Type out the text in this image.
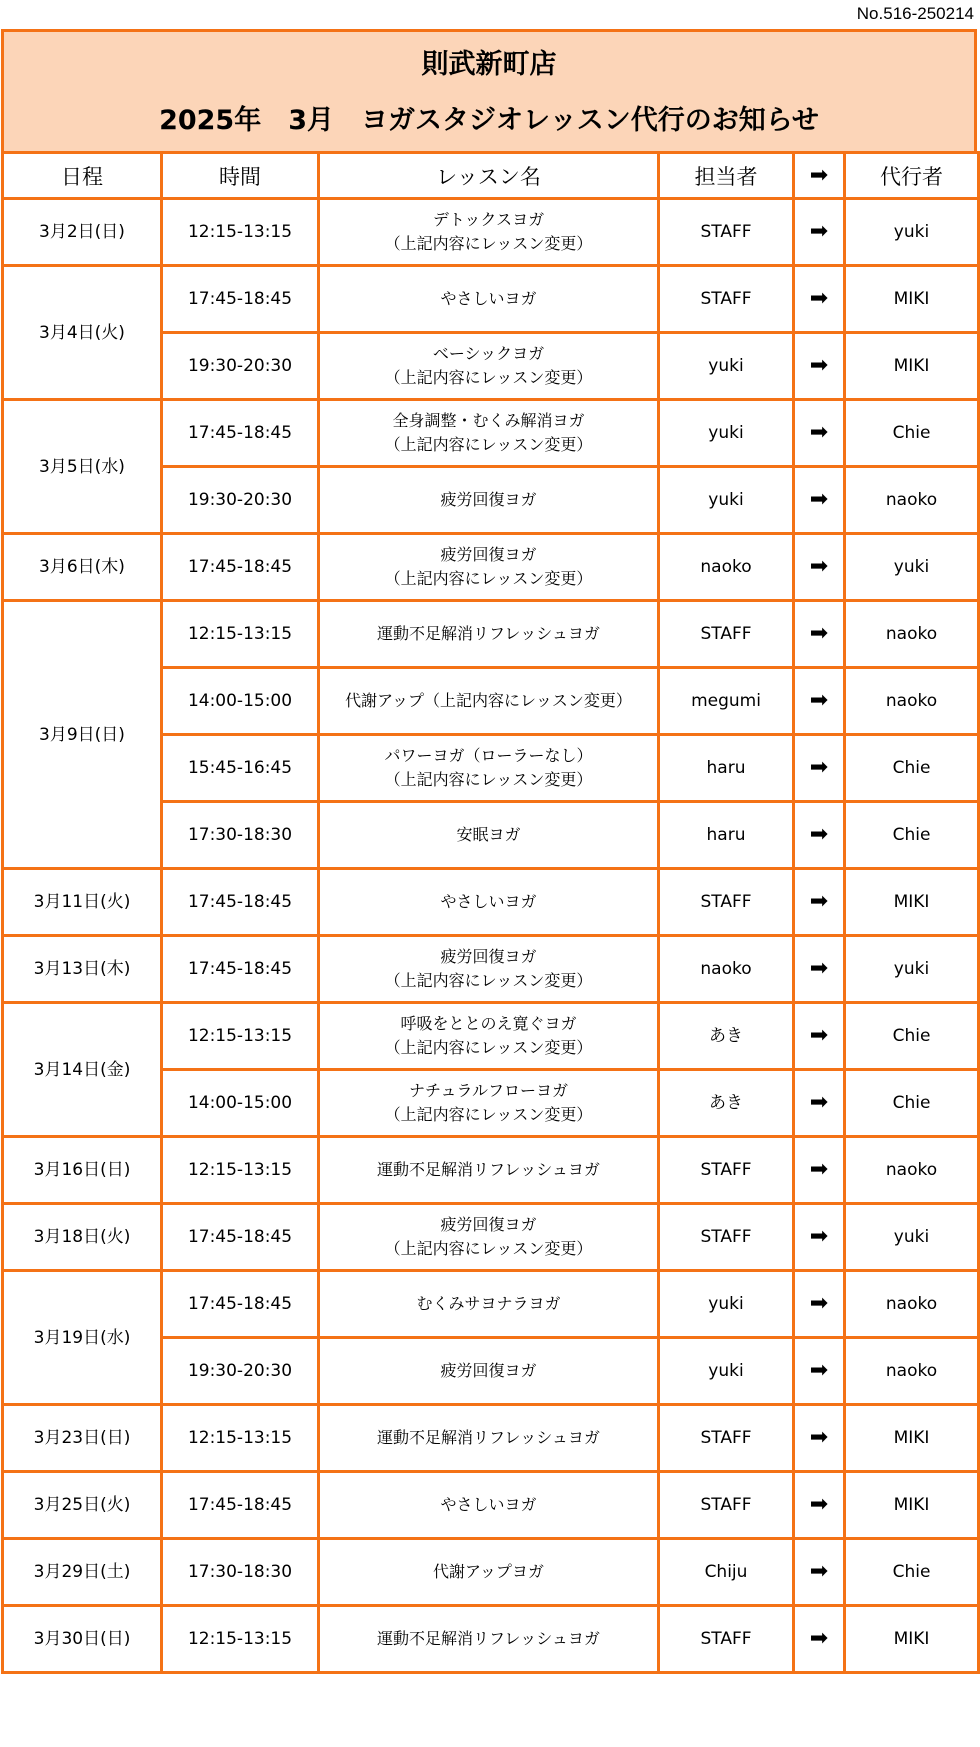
No.516-250214
則武新町店
2025年　3月　ヨガスタジオレッスン代行のお知らせ
日程	時間	レッスン名	担当者	➡	代行者
3月2日(日)	12:15-13:15	デトックスヨガ
（上記内容にレッスン変更）	STAFF	➡	yuki
3月4日(火)	17:45-18:45	やさしいヨガ	STAFF	➡	MIKI
	19:30-20:30	ベーシックヨガ
（上記内容にレッスン変更）	yuki	➡	MIKI
3月5日(水)	17:45-18:45	全身調整・むくみ解消ヨガ
（上記内容にレッスン変更）	yuki	➡	Chie
	19:30-20:30	疲労回復ヨガ	yuki	➡	naoko
3月6日(木)	17:45-18:45	疲労回復ヨガ
（上記内容にレッスン変更）	naoko	➡	yuki
3月9日(日)	12:15-13:15	運動不足解消リフレッシュヨガ	STAFF	➡	naoko
	14:00-15:00	代謝アップ（上記内容にレッスン変更）	megumi	➡	naoko
	15:45-16:45	パワーヨガ（ローラーなし）
（上記内容にレッスン変更）	haru	➡	Chie
	17:30-18:30	安眠ヨガ	haru	➡	Chie
3月11日(火)	17:45-18:45	やさしいヨガ	STAFF	➡	MIKI
3月13日(木)	17:45-18:45	疲労回復ヨガ
（上記内容にレッスン変更）	naoko	➡	yuki
3月14日(金)	12:15-13:15	呼吸をととのえ寛ぐヨガ
（上記内容にレッスン変更）	あき	➡	Chie
	14:00-15:00	ナチュラルフローヨガ
（上記内容にレッスン変更）	あき	➡	Chie
3月16日(日)	12:15-13:15	運動不足解消リフレッシュヨガ	STAFF	➡	naoko
3月18日(火)	17:45-18:45	疲労回復ヨガ
（上記内容にレッスン変更）	STAFF	➡	yuki
3月19日(水)	17:45-18:45	むくみサヨナラヨガ	yuki	➡	naoko
	19:30-20:30	疲労回復ヨガ	yuki	➡	naoko
3月23日(日)	12:15-13:15	運動不足解消リフレッシュヨガ	STAFF	➡	MIKI
3月25日(火)	17:45-18:45	やさしいヨガ	STAFF	➡	MIKI
3月29日(土)	17:30-18:30	代謝アップヨガ	Chiju	➡	Chie
3月30日(日)	12:15-13:15	運動不足解消リフレッシュヨガ	STAFF	➡	MIKI
